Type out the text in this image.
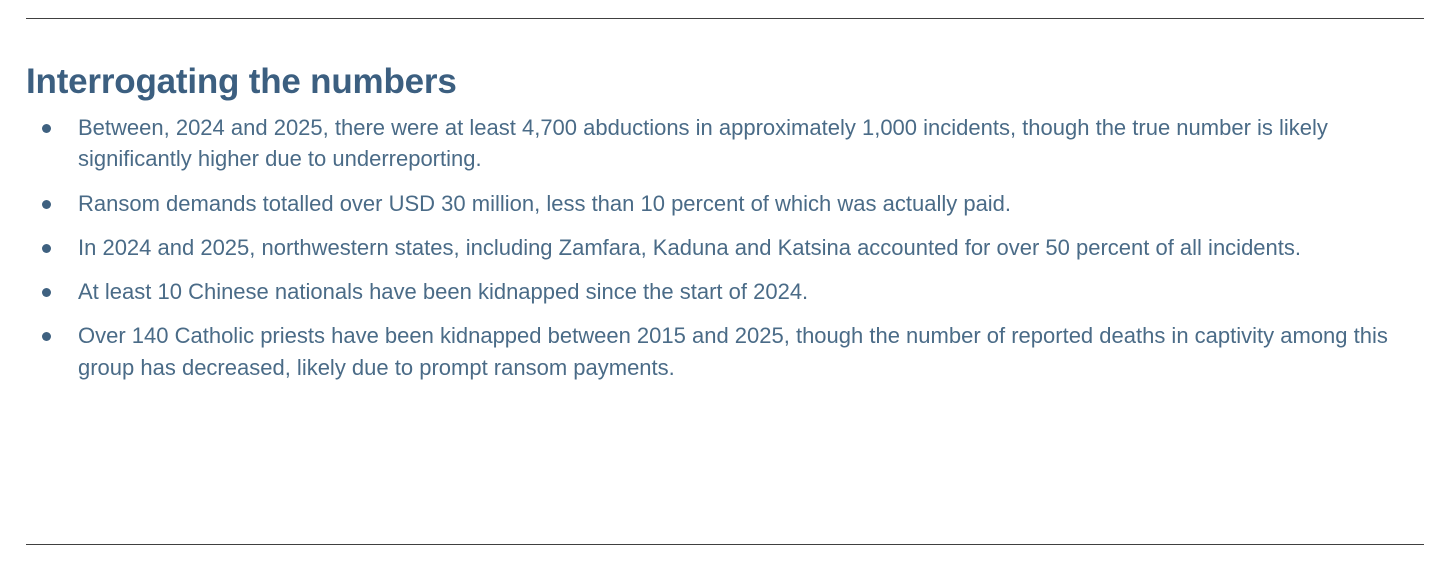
Interrogating the numbers
Between, 2024 and 2025, there were at least 4,700 abductions in approximately 1,000 incidents, though the true number is likely significantly higher due to underreporting.
Ransom demands totalled over USD 30 million, less than 10 percent of which was actually paid.
In 2024 and 2025, northwestern states, including Zamfara, Kaduna and Katsina accounted for over 50 percent of all incidents.
At least 10 Chinese nationals have been kidnapped since the start of 2024.
Over 140 Catholic priests have been kidnapped between 2015 and 2025, though the number of reported deaths in captivity among this group has decreased, likely due to prompt ransom payments.
